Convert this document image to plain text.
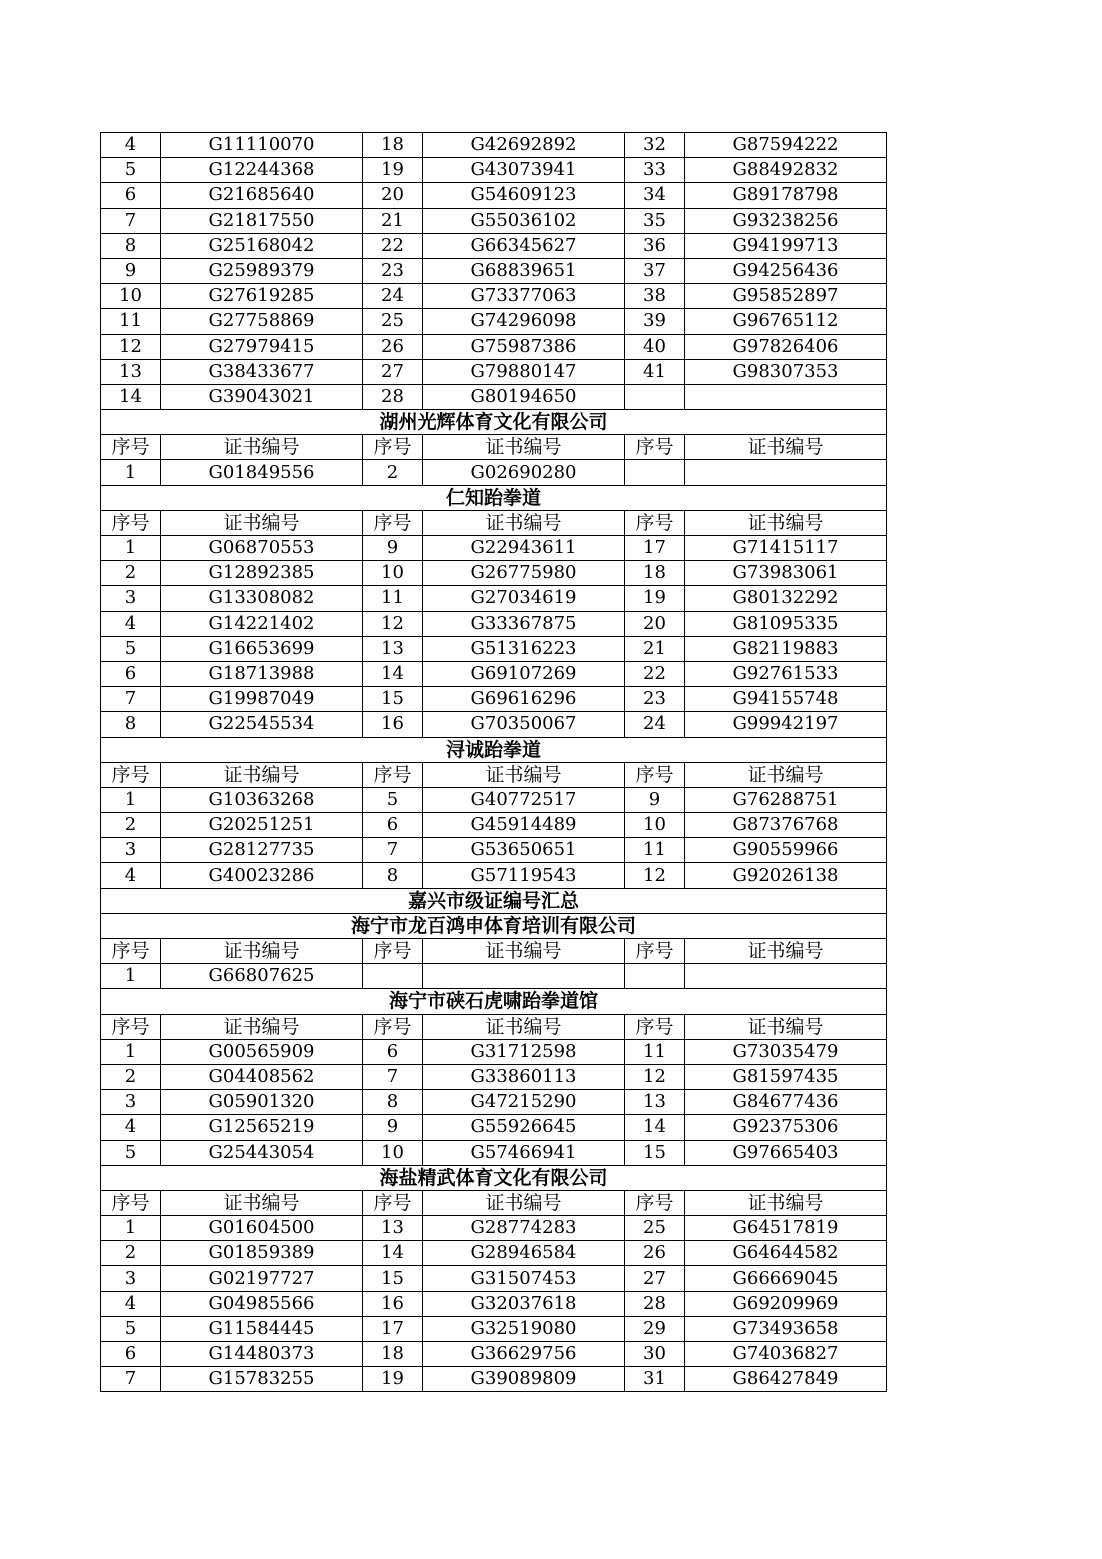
4	G11110070	18	G42692892	32	G87594222
5	G12244368	19	G43073941	33	G88492832
6	G21685640	20	G54609123	34	G89178798
7	G21817550	21	G55036102	35	G93238256
8	G25168042	22	G66345627	36	G94199713
9	G25989379	23	G68839651	37	G94256436
10	G27619285	24	G73377063	38	G95852897
11	G27758869	25	G74296098	39	G96765112
12	G27979415	26	G75987386	40	G97826406
13	G38433677	27	G79880147	41	G98307353
14	G39043021	28	G80194650		
湖州光辉体育文化有限公司					
序号	证书编号	序号	证书编号	序号	证书编号
1	G01849556	2	G02690280		
仁知跆拳道					
序号	证书编号	序号	证书编号	序号	证书编号
1	G06870553	9	G22943611	17	G71415117
2	G12892385	10	G26775980	18	G73983061
3	G13308082	11	G27034619	19	G80132292
4	G14221402	12	G33367875	20	G81095335
5	G16653699	13	G51316223	21	G82119883
6	G18713988	14	G69107269	22	G92761533
7	G19987049	15	G69616296	23	G94155748
8	G22545534	16	G70350067	24	G99942197
浔诚跆拳道					
序号	证书编号	序号	证书编号	序号	证书编号
1	G10363268	5	G40772517	9	G76288751
2	G20251251	6	G45914489	10	G87376768
3	G28127735	7	G53650651	11	G90559966
4	G40023286	8	G57119543	12	G92026138
嘉兴市级证编号汇总					
海宁市龙百鸿申体育培训有限公司					
序号	证书编号	序号	证书编号	序号	证书编号
1	G66807625				
海宁市硖石虎啸跆拳道馆					
序号	证书编号	序号	证书编号	序号	证书编号
1	G00565909	6	G31712598	11	G73035479
2	G04408562	7	G33860113	12	G81597435
3	G05901320	8	G47215290	13	G84677436
4	G12565219	9	G55926645	14	G92375306
5	G25443054	10	G57466941	15	G97665403
海盐精武体育文化有限公司					
序号	证书编号	序号	证书编号	序号	证书编号
1	G01604500	13	G28774283	25	G64517819
2	G01859389	14	G28946584	26	G64644582
3	G02197727	15	G31507453	27	G66669045
4	G04985566	16	G32037618	28	G69209969
5	G11584445	17	G32519080	29	G73493658
6	G14480373	18	G36629756	30	G74036827
7	G15783255	19	G39089809	31	G86427849
